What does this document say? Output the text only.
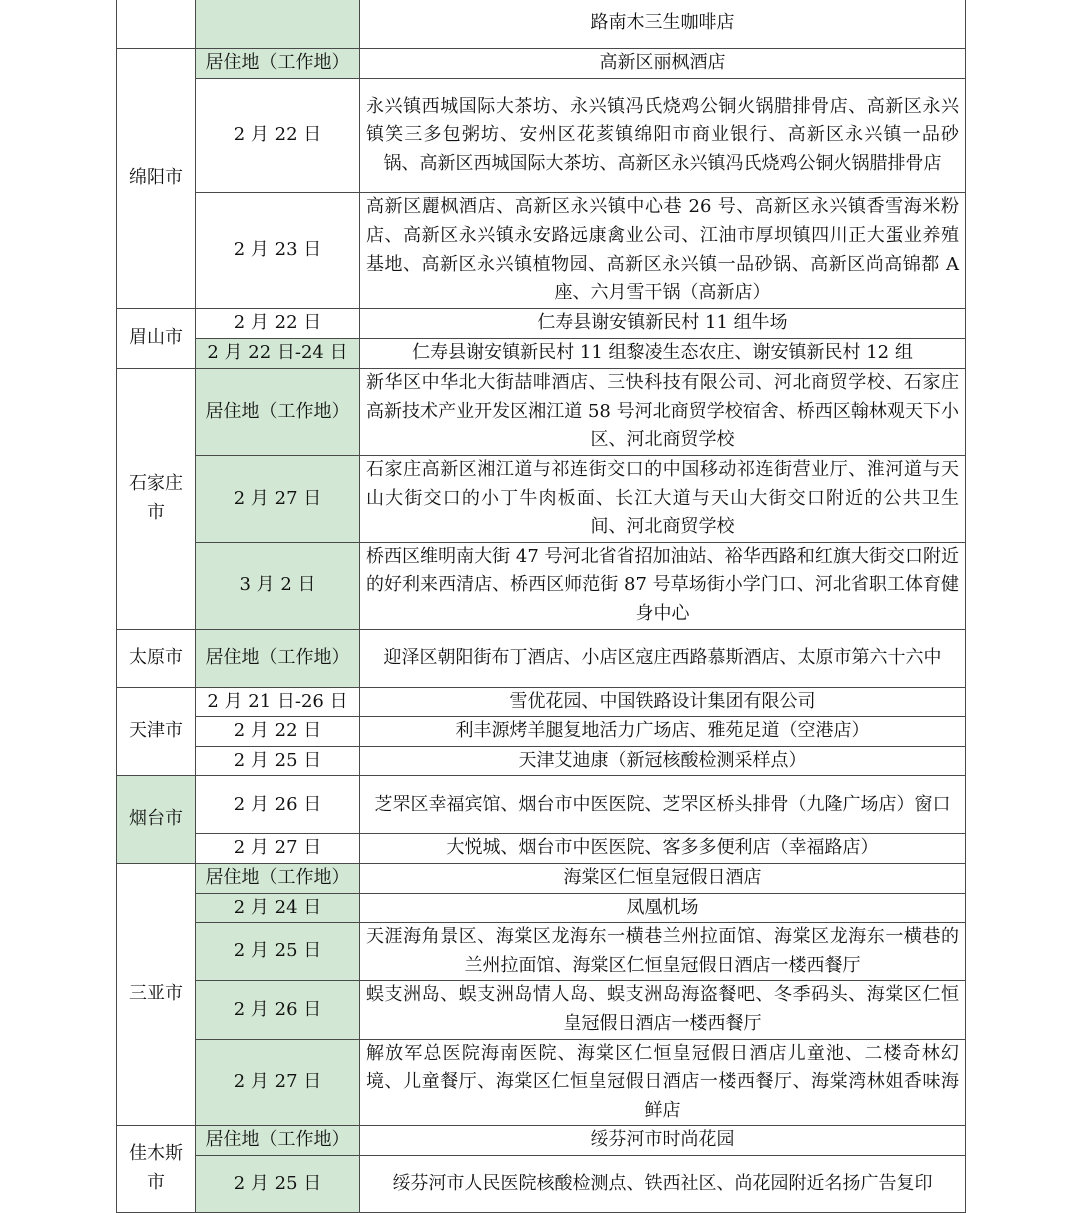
		路南木三生咖啡店
绵阳市	居住地（工作地）	高新区丽枫酒店
	2 月 22 日	永兴镇西城国际大茶坊、永兴镇冯氏烧鸡公铜火锅腊排骨店、高新区永兴镇笑三多包粥坊、安州区花荄镇绵阳市商业银行、高新区永兴镇一品砂锅、高新区西城国际大茶坊、高新区永兴镇冯氏烧鸡公铜火锅腊排骨店
	2 月 23 日	高新区麗枫酒店、高新区永兴镇中心巷 26 号、高新区永兴镇香雪海米粉店、高新区永兴镇永安路远康禽业公司、江油市厚坝镇四川正大蛋业养殖基地、高新区永兴镇植物园、高新区永兴镇一品砂锅、高新区尚高锦都 A 座、六月雪干锅（高新店）
眉山市	2 月 22 日	仁寿县谢安镇新民村 11 组牛场
	2 月 22 日-24 日	仁寿县谢安镇新民村 11 组黎凌生态农庄、谢安镇新民村 12 组
石家庄市	居住地（工作地）	新华区中华北大街喆啡酒店、三快科技有限公司、河北商贸学校、石家庄高新技术产业开发区湘江道 58 号河北商贸学校宿舍、桥西区翰林观天下小区、河北商贸学校
	2 月 27 日	石家庄高新区湘江道与祁连街交口的中国移动祁连街营业厅、淮河道与天山大街交口的小丁牛肉板面、长江大道与天山大街交口附近的公共卫生间、河北商贸学校
	3 月 2 日	桥西区维明南大街 47 号河北省省招加油站、裕华西路和红旗大街交口附近的好利来西清店、桥西区师范街 87 号草场街小学门口、河北省职工体育健身中心
太原市	居住地（工作地）	迎泽区朝阳街布丁酒店、小店区寇庄西路慕斯酒店、太原市第六十六中
天津市	2 月 21 日-26 日	雪优花园、中国铁路设计集团有限公司
	2 月 22 日	利丰源烤羊腿复地活力广场店、雅苑足道（空港店）
	2 月 25 日	天津艾迪康（新冠核酸检测采样点）
烟台市	2 月 26 日	芝罘区幸福宾馆、烟台市中医医院、芝罘区桥头排骨（九隆广场店）窗口
	2 月 27 日	大悦城、烟台市中医医院、客多多便利店（幸福路店）
三亚市	居住地（工作地）	海棠区仁恒皇冠假日酒店
	2 月 24 日	凤凰机场
	2 月 25 日	天涯海角景区、海棠区龙海东一横巷兰州拉面馆、海棠区龙海东一横巷的兰州拉面馆、海棠区仁恒皇冠假日酒店一楼西餐厅
	2 月 26 日	蜈支洲岛、蜈支洲岛情人岛、蜈支洲岛海盗餐吧、冬季码头、海棠区仁恒皇冠假日酒店一楼西餐厅
	2 月 27 日	解放军总医院海南医院、海棠区仁恒皇冠假日酒店儿童池、二楼奇林幻境、儿童餐厅、海棠区仁恒皇冠假日酒店一楼西餐厅、海棠湾林姐香味海鲜店
佳木斯市	居住地（工作地）	绥芬河市时尚花园
	2 月 25 日	绥芬河市人民医院核酸检测点、铁西社区、尚花园附近名扬广告复印
